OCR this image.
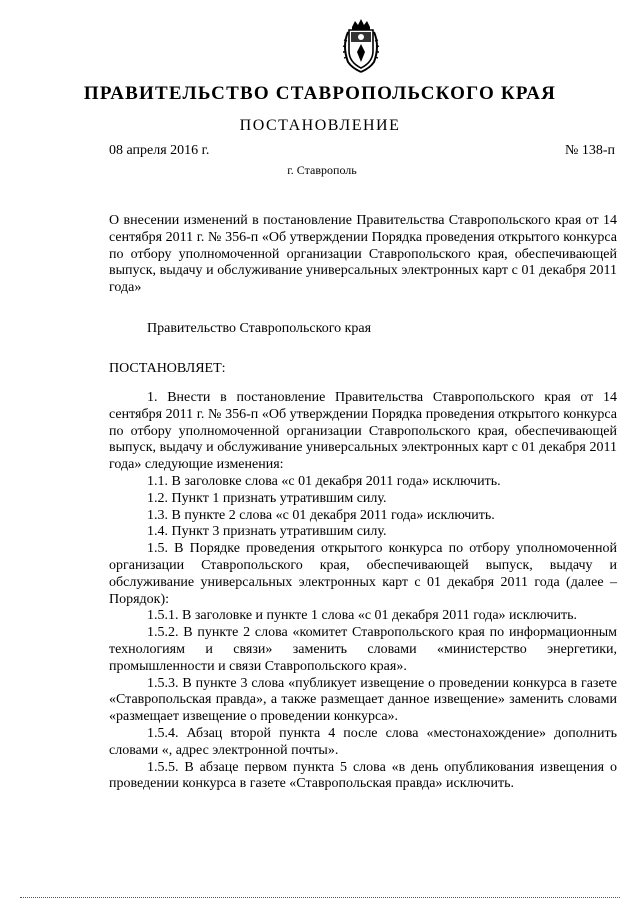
ПРАВИТЕЛЬСТВО СТАВРОПОЛЬСКОГО КРАЯ
ПОСТАНОВЛЕНИЕ
08 апреля 2016 г.	№ 138-п
г. Ставрополь
О внесении изменений в постановление Правительства Ставропольского края от 14 сентября 2011 г. № 356-п «Об утверждении Порядка проведения открытого конкурса по отбору уполномоченной организации Ставропольского края, обеспечивающей выпуск, выдачу и обслуживание универсальных электронных карт с 01 декабря 2011 года»
Правительство Ставропольского края
ПОСТАНОВЛЯЕТ:

1. Внести в постановление Правительства Ставропольского края от 14 сентября 2011 г. № 356-п «Об утверждении Порядка проведения открытого конкурса по отбору уполномоченной организации Ставропольского края, обеспечивающей выпуск, выдачу и обслуживание универсальных электронных карт с 01 декабря 2011 года» следующие изменения:

1.1. В заголовке слова «с 01 декабря 2011 года» исключить.

1.2. Пункт 1 признать утратившим силу.

1.3. В пункте 2 слова «с 01 декабря 2011 года» исключить.

1.4. Пункт 3 признать утратившим силу.

1.5. В Порядке проведения открытого конкурса по отбору уполномоченной организации Ставропольского края, обеспечивающей выпуск, выдачу и обслуживание универсальных электронных карт с 01 декабря 2011 года (далее – Порядок):

1.5.1. В заголовке и пункте 1 слова «с 01 декабря 2011 года» исключить.

1.5.2. В пункте 2 слова «комитет Ставропольского края по информационным технологиям и связи» заменить словами «министерство энергетики, промышленности и связи Ставропольского края».

1.5.3. В пункте 3 слова «публикует извещение о проведении конкурса в газете «Ставропольская правда», а также размещает данное извещение» заменить словами «размещает извещение о проведении конкурса».

1.5.4. Абзац второй пункта 4 после слова «местонахождение» дополнить словами «, адрес электронной почты».

1.5.5. В абзаце первом пункта 5 слова «в день опубликования извещения о проведении конкурса в газете «Ставропольская правда» исключить.
